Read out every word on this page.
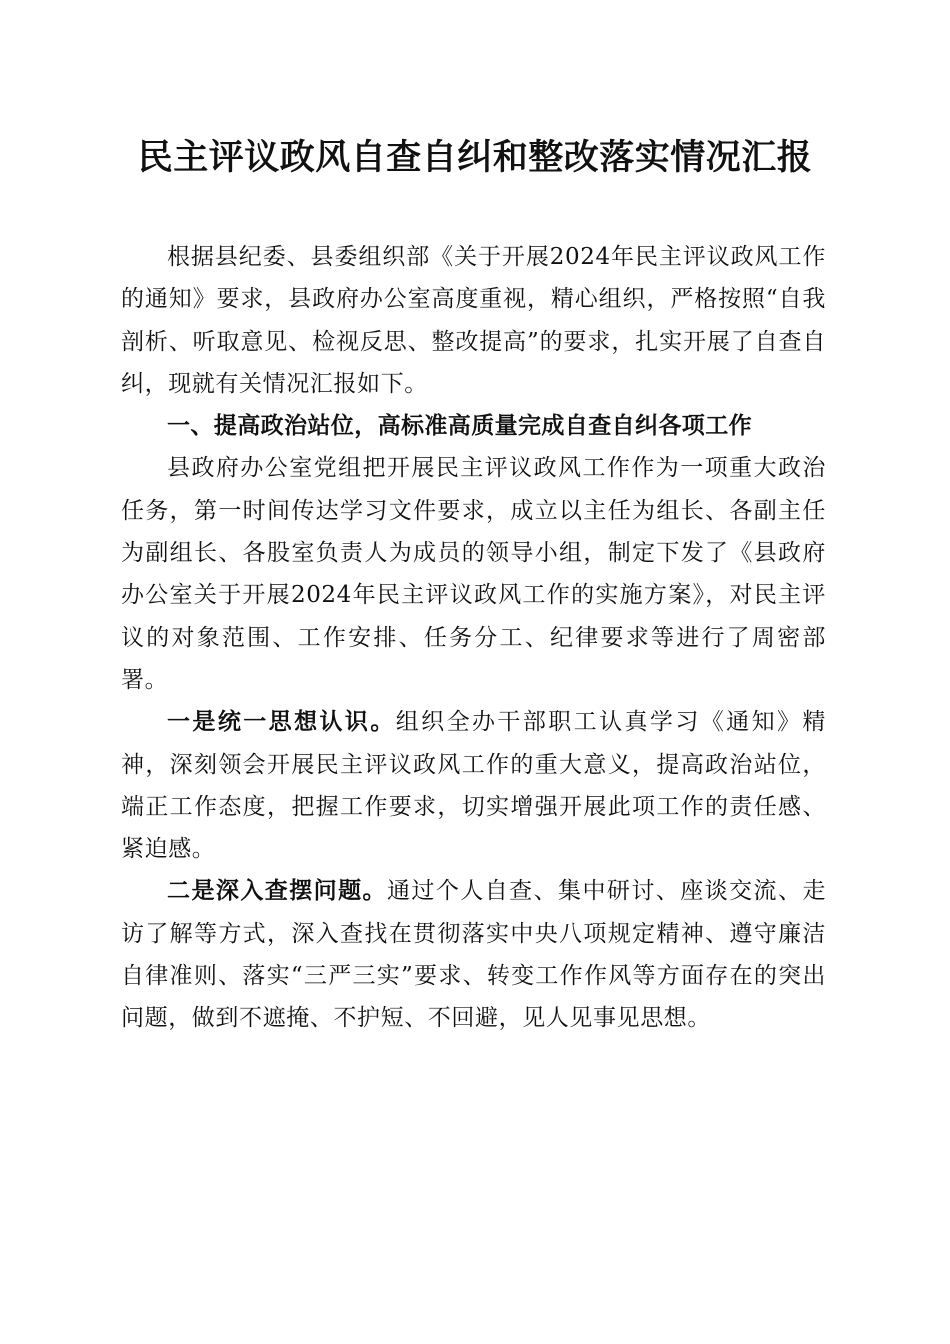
民主评议政风自查自纠和整改落实情况汇报

根据县纪委、县委组织部《关于开展2024年民主评议政风工作的通知》要求，县政府办公室高度重视，精心组织，严格按照“自我剖析、听取意见、检视反思、整改提高”的要求，扎实开展了自查自纠，现就有关情况汇报如下。

一、提高政治站位，高标准高质量完成自查自纠各项工作

县政府办公室党组把开展民主评议政风工作作为一项重大政治任务，第一时间传达学习文件要求，成立以主任为组长、各副主任为副组长、各股室负责人为成员的领导小组，制定下发了《县政府办公室关于开展2024年民主评议政风工作的实施方案》，对民主评议的对象范围、工作安排、任务分工、纪律要求等进行了周密部署。

一是统一思想认识。组织全办干部职工认真学习《通知》精神，深刻领会开展民主评议政风工作的重大意义，提高政治站位，端正工作态度，把握工作要求，切实增强开展此项工作的责任感、紧迫感。

二是深入查摆问题。通过个人自查、集中研讨、座谈交流、走访了解等方式，深入查找在贯彻落实中央八项规定精神、遵守廉洁自律准则、落实“三严三实”要求、转变工作作风等方面存在的突出问题，做到不遮掩、不护短、不回避，见人见事见思想。
